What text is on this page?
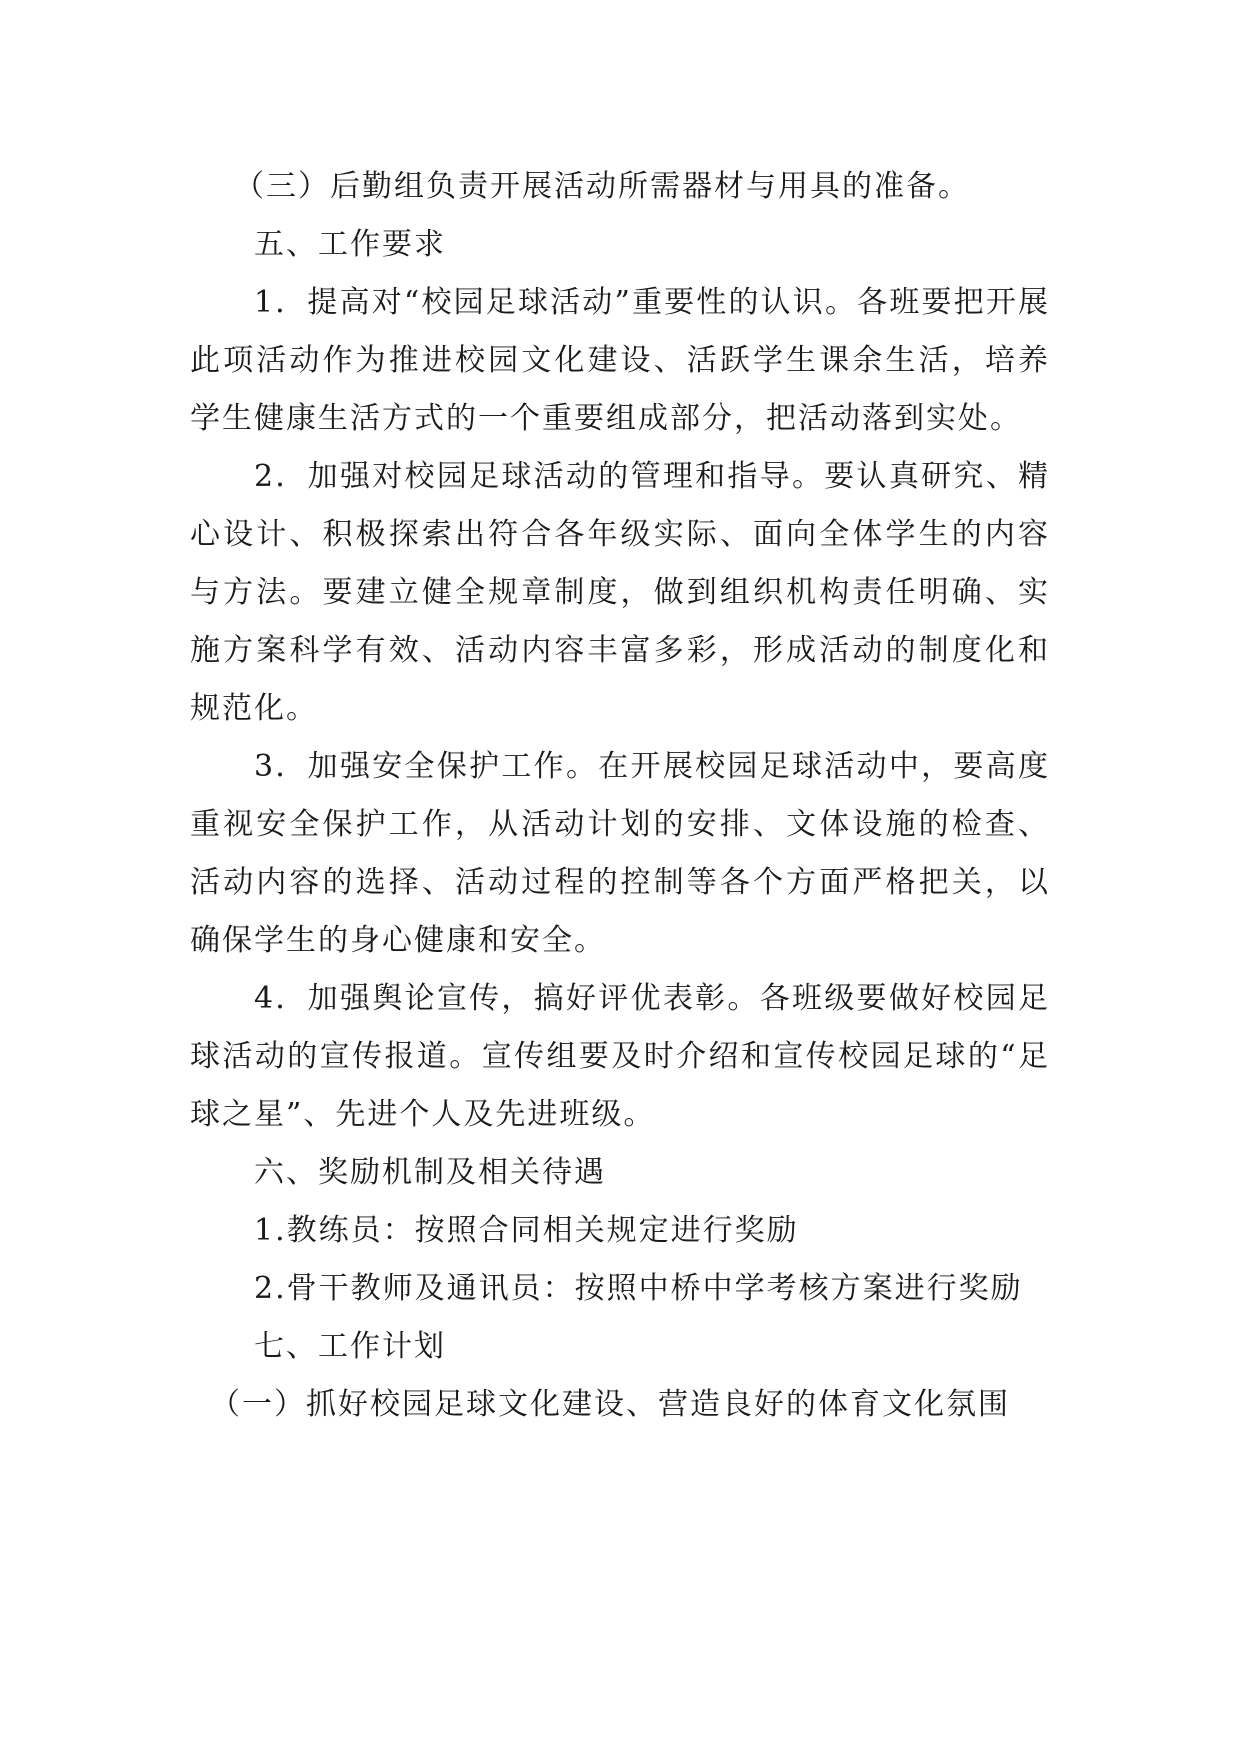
（三）后勤组负责开展活动所需器材与用具的准备。

五、工作要求

1．提高对“校园足球活动”重要性的认识。各班要把开展此项活动作为推进校园文化建设、活跃学生课余生活，培养学生健康生活方式的一个重要组成部分，把活动落到实处。

2．加强对校园足球活动的管理和指导。要认真研究、精心设计、积极探索出符合各年级实际、面向全体学生的内容与方法。要建立健全规章制度，做到组织机构责任明确、实施方案科学有效、活动内容丰富多彩，形成活动的制度化和规范化。

3．加强安全保护工作。在开展校园足球活动中，要高度重视安全保护工作，从活动计划的安排、文体设施的检查、活动内容的选择、活动过程的控制等各个方面严格把关，以确保学生的身心健康和安全。

4．加强舆论宣传，搞好评优表彰。各班级要做好校园足球活动的宣传报道。宣传组要及时介绍和宣传校园足球的“足球之星”、先进个人及先进班级。

六、奖励机制及相关待遇

1.教练员：按照合同相关规定进行奖励

2.骨干教师及通讯员：按照中桥中学考核方案进行奖励

七、工作计划

（一）抓好校园足球文化建设、营造良好的体育文化氛围
